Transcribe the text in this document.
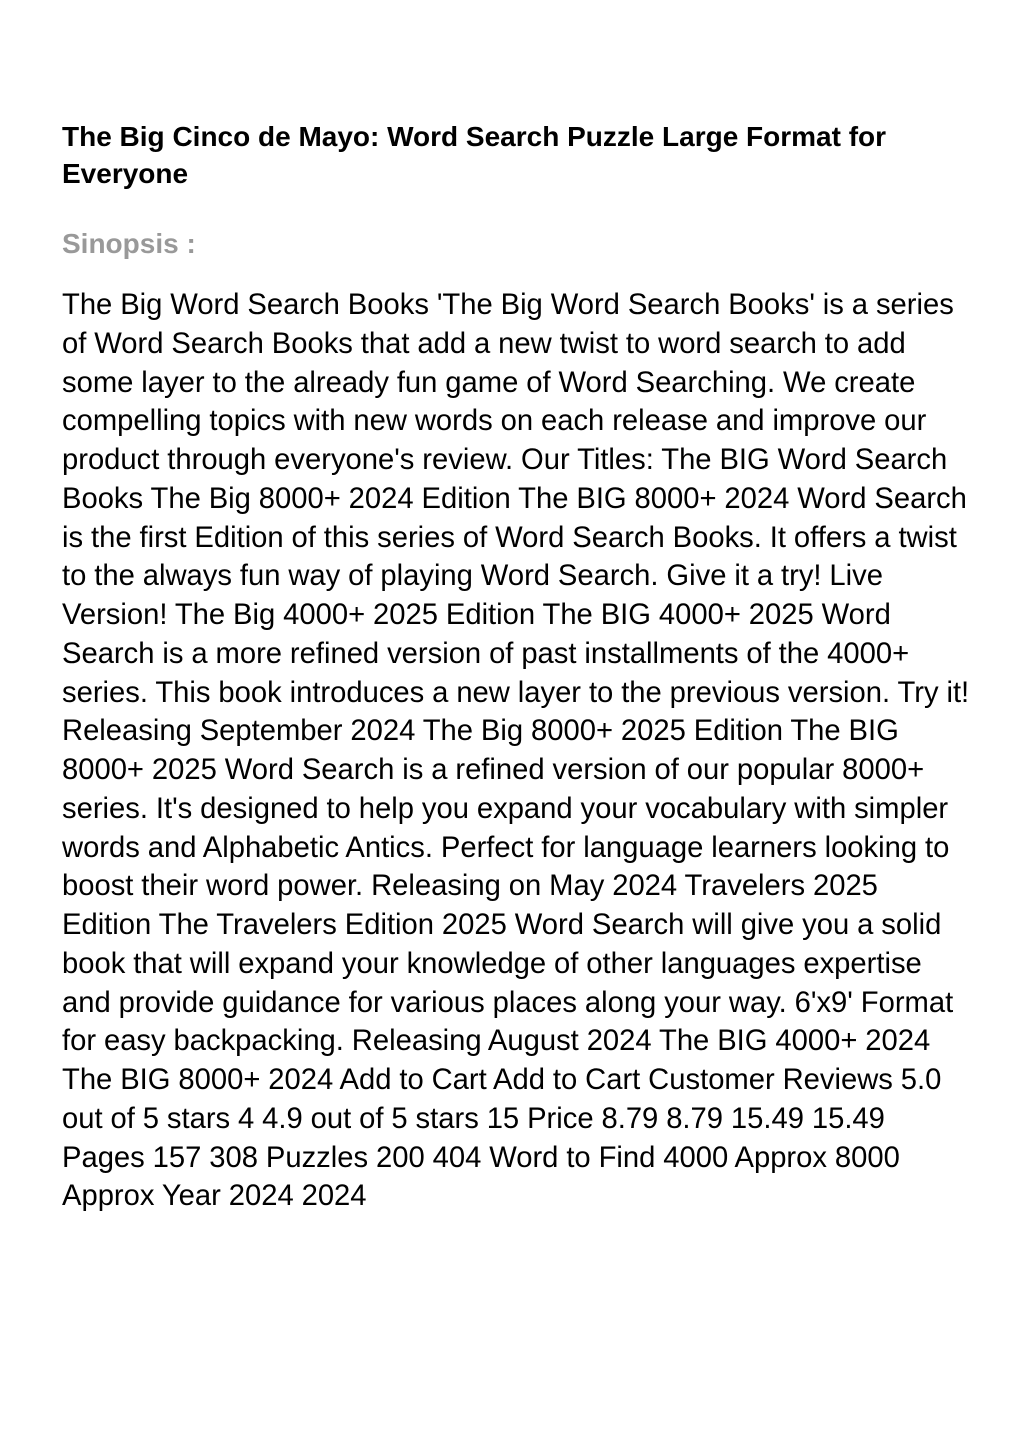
The Big Cinco de Mayo: Word Search Puzzle Large Format for Everyone
Sinopsis :

The Big Word Search Books 'The Big Word Search Books' is a series of Word Search Books that add a new twist to word search to add some layer to the already fun game of Word Searching. We create compelling topics with new words on each release and improve our product through everyone's review. Our Titles: The BIG Word Search Books The Big 8000+ 2024 Edition The BIG 8000+ 2024 Word Search is the first Edition of this series of Word Search Books. It offers a twist to the always fun way of playing Word Search. Give it a try! Live Version! The Big 4000+ 2025 Edition The BIG 4000+ 2025 Word Search is a more refined version of past installments of the 4000+ series. This book introduces a new layer to the previous version. Try it! Releasing September 2024 The Big 8000+ 2025 Edition The BIG 8000+ 2025 Word Search is a refined version of our popular 8000+ series. It's designed to help you expand your vocabulary with simpler words and Alphabetic Antics. Perfect for language learners looking to boost their word power. Releasing on May 2024 Travelers 2025 Edition The Travelers Edition 2025 Word Search will give you a solid book that will expand your knowledge of other languages expertise and provide guidance for various places along your way. 6'x9' Format for easy backpacking. Releasing August 2024 The BIG 4000+ 2024 The BIG 8000+ 2024 Add to Cart Add to Cart Customer Reviews 5.0 out of 5 stars 4 4.9 out of 5 stars 15 Price 8.79 8.79 15.49 15.49 Pages 157 308 Puzzles 200 404 Word to Find 4000 Approx 8000 Approx Year 2024 2024
